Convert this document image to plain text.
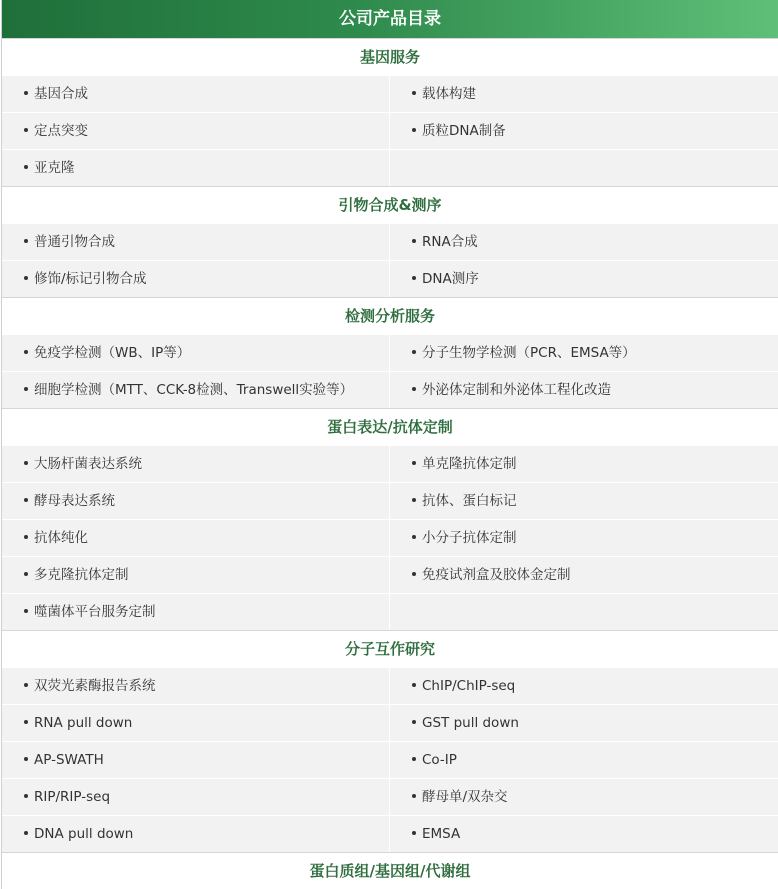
公司产品目录
基因服务
基因合成	载体构建
定点突变	质粒DNA制备
亚克隆
引物合成&测序
普通引物合成	RNA合成
修饰/标记引物合成	DNA测序
检测分析服务
免疫学检测（WB、IP等）	分子生物学检测（PCR、EMSA等）
细胞学检测（MTT、CCK-8检测、Transwell实验等）	外泌体定制和外泌体工程化改造
蛋白表达/抗体定制
大肠杆菌表达系统	单克隆抗体定制
酵母表达系统	抗体、蛋白标记
抗体纯化	小分子抗体定制
多克隆抗体定制	免疫试剂盒及胶体金定制
噬菌体平台服务定制
分子互作研究
双荧光素酶报告系统	ChIP/ChIP-seq
RNA pull down	GST pull down
AP-SWATH	Co-IP
RIP/RIP-seq	酵母单/双杂交
DNA pull down	EMSA
蛋白质组/基因组/代谢组
